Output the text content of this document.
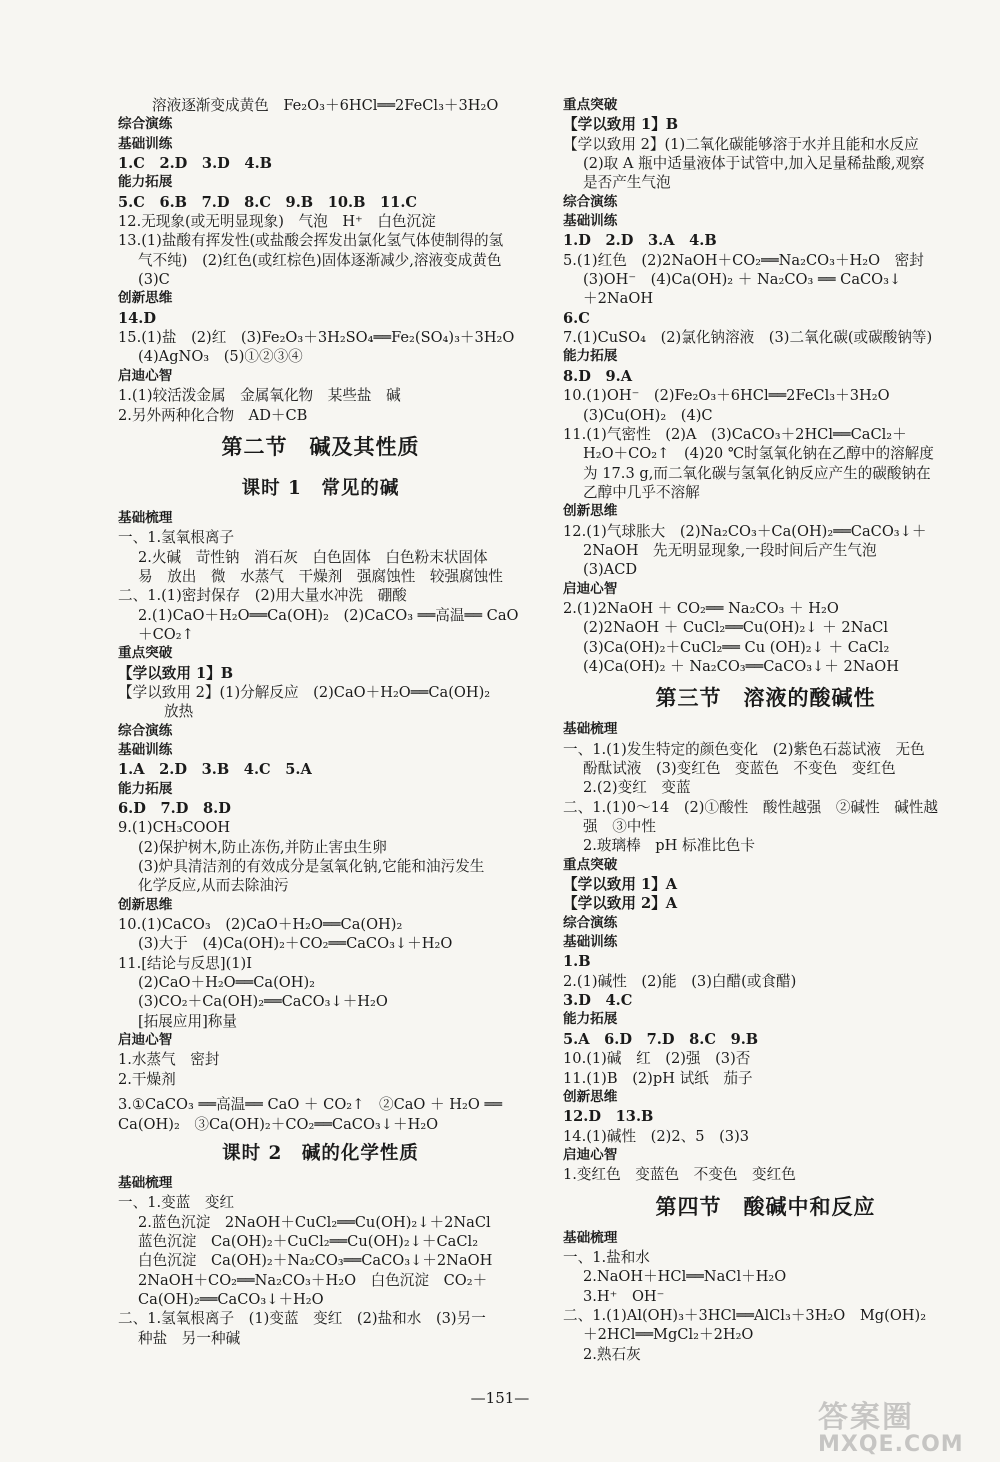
溶液逐渐变成黄色　Fe₂O₃＋6HCl══2FeCl₃＋3H₂O
综合演练
基础训练
1.C　2.D　3.D　4.B
能力拓展
5.C　6.B　7.D　8.C　9.B　10.B　11.C
12.无现象(或无明显现象)　气泡　H⁺　白色沉淀
13.(1)盐酸有挥发性(或盐酸会挥发出氯化氢气体使制得的氢
气不纯)　(2)红色(或红棕色)固体逐渐减少,溶液变成黄色
(3)C
创新思维
14.D
15.(1)盐　(2)红　(3)Fe₂O₃＋3H₂SO₄══Fe₂(SO₄)₃＋3H₂O
(4)AgNO₃　(5)①②③④
启迪心智
1.(1)较活泼金属　金属氧化物　某些盐　碱
2.另外两种化合物　AD＋CB
第二节　碱及其性质
课时 1　常见的碱
基础梳理
一、1.氢氧根离子
2.火碱　苛性钠　消石灰　白色固体　白色粉末状固体
易　放出　微　水蒸气　干燥剂　强腐蚀性　较强腐蚀性
二、1.(1)密封保存　(2)用大量水冲洗　硼酸
2.(1)CaO＋H₂O══Ca(OH)₂　(2)CaCO₃ ══高温══ CaO
＋CO₂↑
重点突破
【学以致用 1】B
【学以致用 2】(1)分解反应　(2)CaO＋H₂O══Ca(OH)₂
放热
综合演练
基础训练
1.A　2.D　3.B　4.C　5.A
能力拓展
6.D　7.D　8.D
9.(1)CH₃COOH
(2)保护树木,防止冻伤,并防止害虫生卵
(3)炉具清洁剂的有效成分是氢氧化钠,它能和油污发生
化学反应,从而去除油污
创新思维
10.(1)CaCO₃　(2)CaO＋H₂O══Ca(OH)₂
(3)大于　(4)Ca(OH)₂＋CO₂══CaCO₃↓＋H₂O
11.[结论与反思](1)Ⅰ
(2)CaO＋H₂O══Ca(OH)₂
(3)CO₂＋Ca(OH)₂══CaCO₃↓＋H₂O
[拓展应用]称量
启迪心智
1.水蒸气　密封
2.干燥剂
3.①CaCO₃ ══高温══ CaO ＋ CO₂↑　②CaO ＋ H₂O ══
Ca(OH)₂　③Ca(OH)₂＋CO₂══CaCO₃↓＋H₂O
课时 2　碱的化学性质
基础梳理
一、1.变蓝　变红
2.蓝色沉淀　2NaOH＋CuCl₂══Cu(OH)₂↓＋2NaCl
蓝色沉淀　Ca(OH)₂＋CuCl₂══Cu(OH)₂↓＋CaCl₂
白色沉淀　Ca(OH)₂＋Na₂CO₃══CaCO₃↓＋2NaOH
2NaOH＋CO₂══Na₂CO₃＋H₂O　白色沉淀　CO₂＋
Ca(OH)₂══CaCO₃↓＋H₂O
二、1.氢氧根离子　(1)变蓝　变红　(2)盐和水　(3)另一
种盐　另一种碱
重点突破
【学以致用 1】B
【学以致用 2】(1)二氧化碳能够溶于水并且能和水反应
(2)取 A 瓶中适量液体于试管中,加入足量稀盐酸,观察
是否产生气泡
综合演练
基础训练
1.D　2.D　3.A　4.B
5.(1)红色　(2)2NaOH＋CO₂══Na₂CO₃＋H₂O　密封
(3)OH⁻　(4)Ca(OH)₂ ＋ Na₂CO₃ ══ CaCO₃↓
＋2NaOH
6.C
7.(1)CuSO₄　(2)氯化钠溶液　(3)二氧化碳(或碳酸钠等)
能力拓展
8.D　9.A
10.(1)OH⁻　(2)Fe₂O₃＋6HCl══2FeCl₃＋3H₂O
(3)Cu(OH)₂　(4)C
11.(1)气密性　(2)A　(3)CaCO₃＋2HCl══CaCl₂＋
H₂O＋CO₂↑　(4)20 ℃时氢氧化钠在乙醇中的溶解度
为 17.3 g,而二氧化碳与氢氧化钠反应产生的碳酸钠在
乙醇中几乎不溶解
创新思维
12.(1)气球胀大　(2)Na₂CO₃＋Ca(OH)₂══CaCO₃↓＋
2NaOH　先无明显现象,一段时间后产生气泡
(3)ACD
启迪心智
2.(1)2NaOH ＋ CO₂══ Na₂CO₃ ＋ H₂O
(2)2NaOH ＋ CuCl₂══Cu(OH)₂↓ ＋ 2NaCl
(3)Ca(OH)₂＋CuCl₂══ Cu (OH)₂↓ ＋ CaCl₂
(4)Ca(OH)₂ ＋ Na₂CO₃══CaCO₃↓＋ 2NaOH
第三节　溶液的酸碱性
基础梳理
一、1.(1)发生特定的颜色变化　(2)紫色石蕊试液　无色
酚酞试液　(3)变红色　变蓝色　不变色　变红色
2.(2)变红　变蓝
二、1.(1)0～14　(2)①酸性　酸性越强　②碱性　碱性越
强　③中性
2.玻璃棒　pH 标准比色卡
重点突破
【学以致用 1】A
【学以致用 2】A
综合演练
基础训练
1.B
2.(1)碱性　(2)能　(3)白醋(或食醋)
3.D　4.C
能力拓展
5.A　6.D　7.D　8.C　9.B
10.(1)碱　红　(2)强　(3)否
11.(1)B　(2)pH 试纸　茄子
创新思维
12.D　13.B
14.(1)碱性　(2)2、5　(3)3
启迪心智
1.变红色　变蓝色　不变色　变红色
第四节　酸碱中和反应
基础梳理
一、1.盐和水
2.NaOH＋HCl══NaCl＋H₂O
3.H⁺　OH⁻
二、1.(1)Al(OH)₃＋3HCl══AlCl₃＋3H₂O　Mg(OH)₂
＋2HCl══MgCl₂＋2H₂O
2.熟石灰
—151—
答案圈
MXQE.COM
